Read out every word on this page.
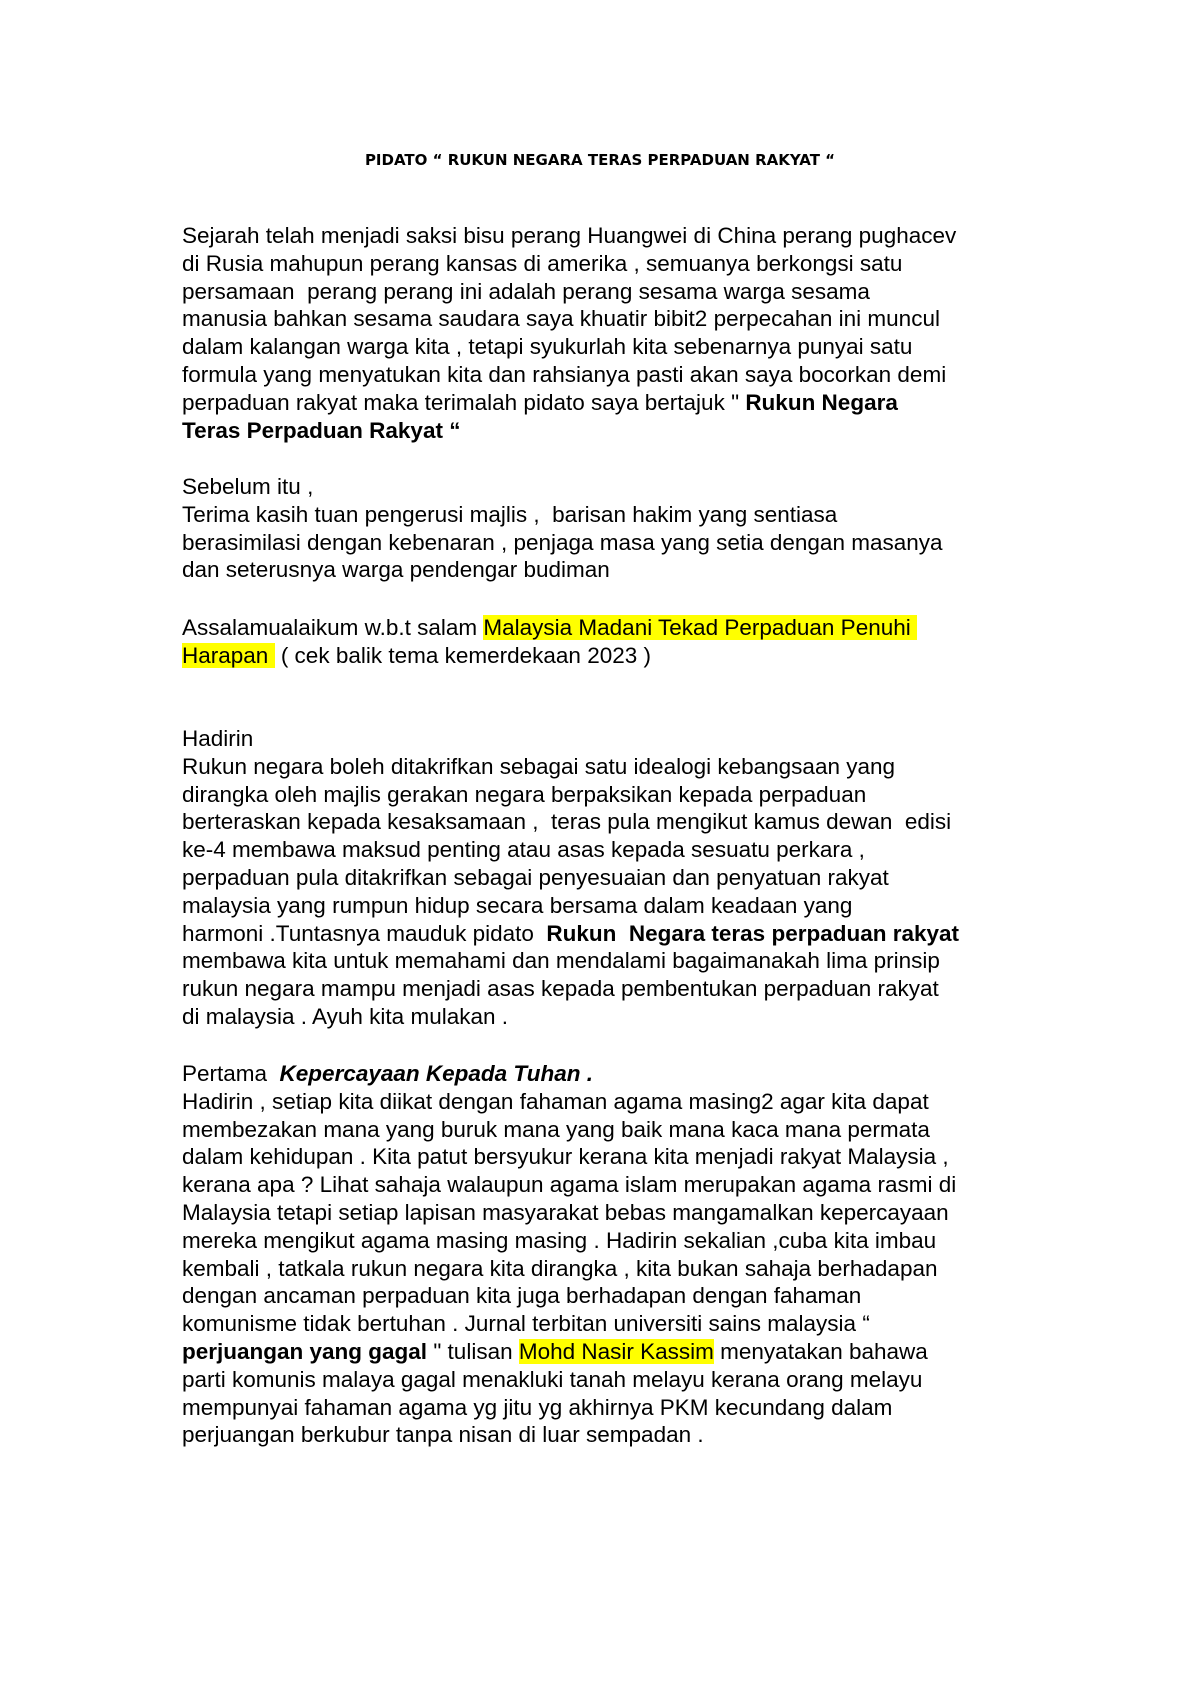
PIDATO “ RUKUN NEGARA TERAS PERPADUAN RAKYAT “
Sejarah telah menjadi saksi bisu perang Huangwei di China perang pughacev
di Rusia mahupun perang kansas di amerika , semuanya berkongsi satu
persamaan  perang perang ini adalah perang sesama warga sesama
manusia bahkan sesama saudara saya khuatir bibit2 perpecahan ini muncul
dalam kalangan warga kita , tetapi syukurlah kita sebenarnya punyai satu
formula yang menyatukan kita dan rahsianya pasti akan saya bocorkan demi
perpaduan rakyat maka terimalah pidato saya bertajuk " Rukun Negara
Teras Perpaduan Rakyat “
Sebelum itu ,
Terima kasih tuan pengerusi majlis ,  barisan hakim yang sentiasa
berasimilasi dengan kebenaran , penjaga masa yang setia dengan masanya
dan seterusnya warga pendengar budiman
Assalamualaikum w.b.t salam Malaysia Madani Tekad Perpaduan Penuhi
Harapan  ( cek balik tema kemerdekaan 2023 )
Hadirin
Rukun negara boleh ditakrifkan sebagai satu idealogi kebangsaan yang
dirangka oleh majlis gerakan negara berpaksikan kepada perpaduan
berteraskan kepada kesaksamaan ,  teras pula mengikut kamus dewan  edisi
ke-4 membawa maksud penting atau asas kepada sesuatu perkara ,
perpaduan pula ditakrifkan sebagai penyesuaian dan penyatuan rakyat
malaysia yang rumpun hidup secara bersama dalam keadaan yang
harmoni .Tuntasnya mauduk pidato  Rukun  Negara teras perpaduan rakyat
membawa kita untuk memahami dan mendalami bagaimanakah lima prinsip
rukun negara mampu menjadi asas kepada pembentukan perpaduan rakyat
di malaysia . Ayuh kita mulakan .
Pertama  Kepercayaan Kepada Tuhan .
Hadirin , setiap kita diikat dengan fahaman agama masing2 agar kita dapat
membezakan mana yang buruk mana yang baik mana kaca mana permata
dalam kehidupan . Kita patut bersyukur kerana kita menjadi rakyat Malaysia ,
kerana apa ? Lihat sahaja walaupun agama islam merupakan agama rasmi di
Malaysia tetapi setiap lapisan masyarakat bebas mangamalkan kepercayaan
mereka mengikut agama masing masing . Hadirin sekalian ,cuba kita imbau
kembali , tatkala rukun negara kita dirangka , kita bukan sahaja berhadapan
dengan ancaman perpaduan kita juga berhadapan dengan fahaman
komunisme tidak bertuhan . Jurnal terbitan universiti sains malaysia “
perjuangan yang gagal " tulisan Mohd Nasir Kassim menyatakan bahawa
parti komunis malaya gagal menakluki tanah melayu kerana orang melayu
mempunyai fahaman agama yg jitu yg akhirnya PKM kecundang dalam
perjuangan berkubur tanpa nisan di luar sempadan .
